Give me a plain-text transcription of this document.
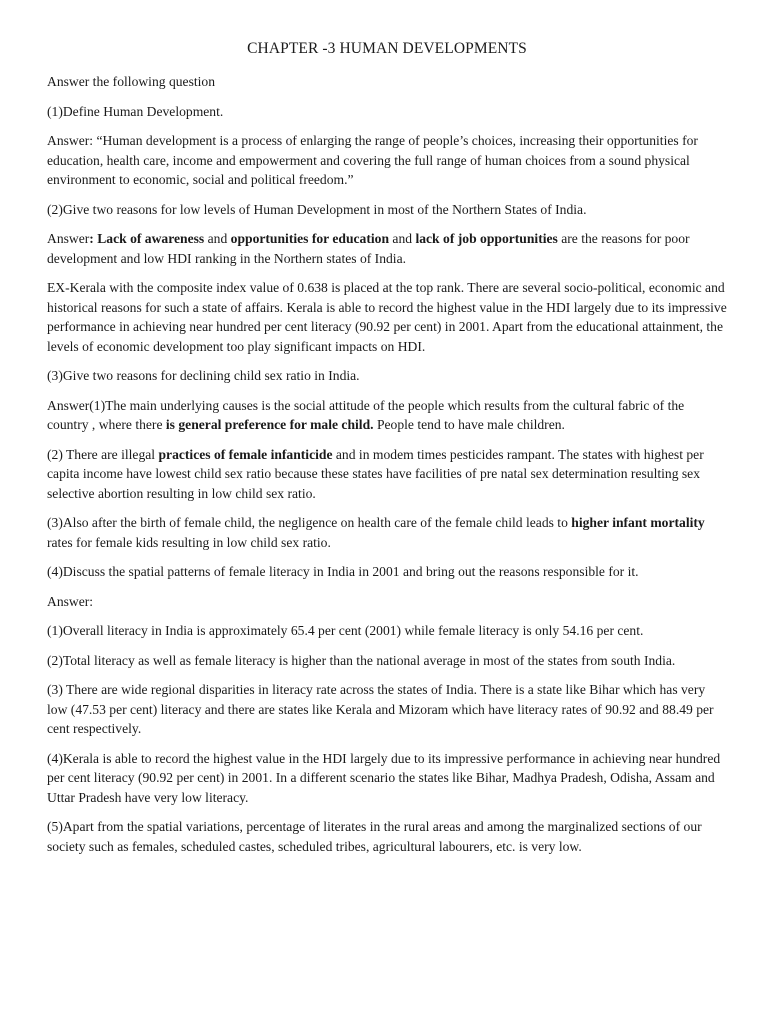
CHAPTER -3 HUMAN DEVELOPMENTS

Answer the following question

(1)Define Human Development.

Answer: “Human development is a process of enlarging the range of people’s choices, increasing their opportunities for education, health care, income and empowerment and covering the full range of human choices from a sound physical environment to economic, social and political freedom.”

(2)Give two reasons for low levels of Human Development in most of the Northern States of India.

Answer: Lack of awareness and opportunities for education and lack of job opportunities are the reasons for poor development and low HDI ranking in the Northern states of India.

EX-Kerala with the composite index value of 0.638 is placed at the top rank. There are several socio-political, economic and historical reasons for such a state of affairs. Kerala is able to record the highest value in the HDI largely due to its impressive performance in achieving near hundred per cent literacy (90.92 per cent) in 2001. Apart from the educational attainment, the levels of economic development too play significant impacts on HDI.

(3)Give two reasons for declining child sex ratio in India.

Answer(1)The main underlying causes is the social attitude of the people which results from the cultural fabric of the country , where there is general preference for male child. People tend to have male children.

(2) There are illegal practices of female infanticide and in modem times pesticides rampant. The states with highest per capita income have lowest child sex ratio because these states have facilities of pre natal sex determination resulting sex selective abortion resulting in low child sex ratio.

(3)Also after the birth of female child, the negligence on health care of the female child leads to higher infant mortality rates for female kids resulting in low child sex ratio.

(4)Discuss the spatial patterns of female literacy in India in 2001 and bring out the reasons responsible for it.

Answer:

(1)Overall literacy in India is approximately 65.4 per cent (2001) while female literacy is only 54.16 per cent.

(2)Total literacy as well as female literacy is higher than the national average in most of the states from south India.

(3) There are wide regional disparities in literacy rate across the states of India. There is a state like Bihar which has very low (47.53 per cent) literacy and there are states like Kerala and Mizoram which have literacy rates of 90.92 and 88.49 per cent respectively.

(4)Kerala is able to record the highest value in the HDI largely due to its impressive performance in achieving near hundred per cent literacy (90.92 per cent) in 2001. In a different scenario the states like Bihar, Madhya Pradesh, Odisha, Assam and Uttar Pradesh have very low literacy.

(5)Apart from the spatial variations, percentage of literates in the rural areas and among the marginalized sections of our society such as females, scheduled castes, scheduled tribes, agricultural labourers, etc. is very low.
